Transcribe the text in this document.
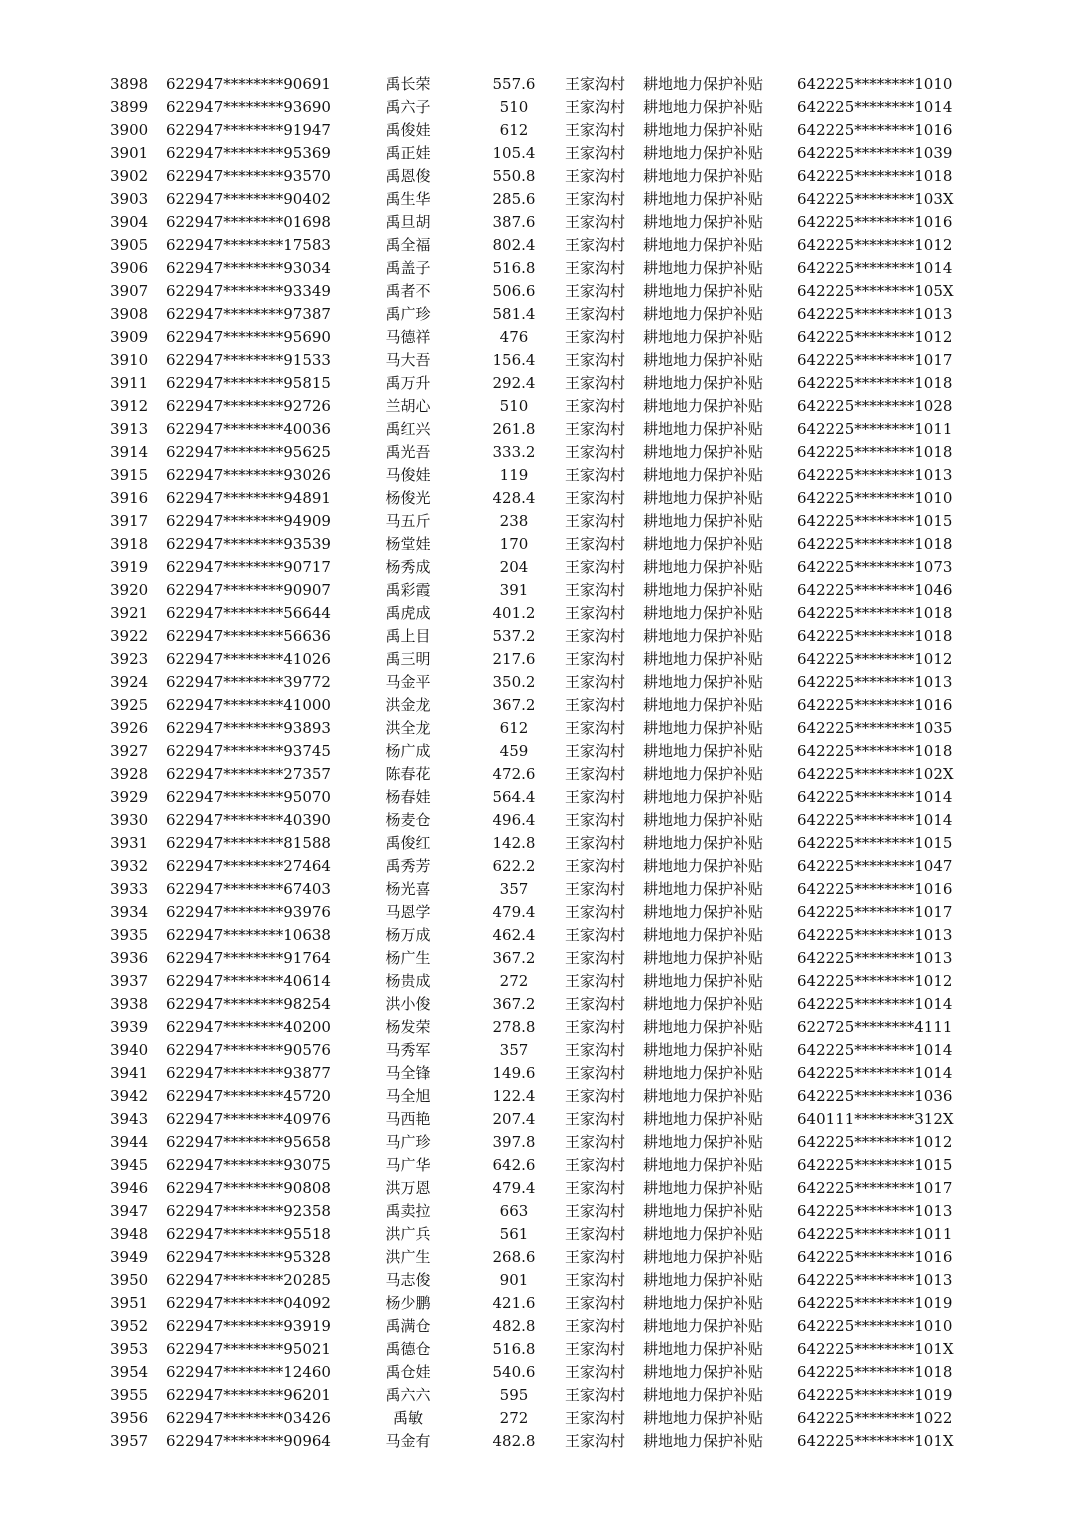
3898	622947********90691	禹长荣	557.6	王家沟村	耕地地力保护补贴	642225********1010
3899	622947********93690	禹六子	510	王家沟村	耕地地力保护补贴	642225********1014
3900	622947********91947	禹俊娃	612	王家沟村	耕地地力保护补贴	642225********1016
3901	622947********95369	禹正娃	105.4	王家沟村	耕地地力保护补贴	642225********1039
3902	622947********93570	禹恩俊	550.8	王家沟村	耕地地力保护补贴	642225********1018
3903	622947********90402	禹生华	285.6	王家沟村	耕地地力保护补贴	642225********103X
3904	622947********01698	禹旦胡	387.6	王家沟村	耕地地力保护补贴	642225********1016
3905	622947********17583	禹全福	802.4	王家沟村	耕地地力保护补贴	642225********1012
3906	622947********93034	禹盖子	516.8	王家沟村	耕地地力保护补贴	642225********1014
3907	622947********93349	禹者不	506.6	王家沟村	耕地地力保护补贴	642225********105X
3908	622947********97387	禹广珍	581.4	王家沟村	耕地地力保护补贴	642225********1013
3909	622947********95690	马德祥	476	王家沟村	耕地地力保护补贴	642225********1012
3910	622947********91533	马大吾	156.4	王家沟村	耕地地力保护补贴	642225********1017
3911	622947********95815	禹万升	292.4	王家沟村	耕地地力保护补贴	642225********1018
3912	622947********92726	兰胡心	510	王家沟村	耕地地力保护补贴	642225********1028
3913	622947********40036	禹红兴	261.8	王家沟村	耕地地力保护补贴	642225********1011
3914	622947********95625	禹光吾	333.2	王家沟村	耕地地力保护补贴	642225********1018
3915	622947********93026	马俊娃	119	王家沟村	耕地地力保护补贴	642225********1013
3916	622947********94891	杨俊光	428.4	王家沟村	耕地地力保护补贴	642225********1010
3917	622947********94909	马五斤	238	王家沟村	耕地地力保护补贴	642225********1015
3918	622947********93539	杨堂娃	170	王家沟村	耕地地力保护补贴	642225********1018
3919	622947********90717	杨秀成	204	王家沟村	耕地地力保护补贴	642225********1073
3920	622947********90907	禹彩霞	391	王家沟村	耕地地力保护补贴	642225********1046
3921	622947********56644	禹虎成	401.2	王家沟村	耕地地力保护补贴	642225********1018
3922	622947********56636	禹上目	537.2	王家沟村	耕地地力保护补贴	642225********1018
3923	622947********41026	禹三明	217.6	王家沟村	耕地地力保护补贴	642225********1012
3924	622947********39772	马金平	350.2	王家沟村	耕地地力保护补贴	642225********1013
3925	622947********41000	洪金龙	367.2	王家沟村	耕地地力保护补贴	642225********1016
3926	622947********93893	洪全龙	612	王家沟村	耕地地力保护补贴	642225********1035
3927	622947********93745	杨广成	459	王家沟村	耕地地力保护补贴	642225********1018
3928	622947********27357	陈春花	472.6	王家沟村	耕地地力保护补贴	642225********102X
3929	622947********95070	杨春娃	564.4	王家沟村	耕地地力保护补贴	642225********1014
3930	622947********40390	杨麦仓	496.4	王家沟村	耕地地力保护补贴	642225********1014
3931	622947********81588	禹俊红	142.8	王家沟村	耕地地力保护补贴	642225********1015
3932	622947********27464	禹秀芳	622.2	王家沟村	耕地地力保护补贴	642225********1047
3933	622947********67403	杨光喜	357	王家沟村	耕地地力保护补贴	642225********1016
3934	622947********93976	马恩学	479.4	王家沟村	耕地地力保护补贴	642225********1017
3935	622947********10638	杨万成	462.4	王家沟村	耕地地力保护补贴	642225********1013
3936	622947********91764	杨广生	367.2	王家沟村	耕地地力保护补贴	642225********1013
3937	622947********40614	杨贵成	272	王家沟村	耕地地力保护补贴	642225********1012
3938	622947********98254	洪小俊	367.2	王家沟村	耕地地力保护补贴	642225********1014
3939	622947********40200	杨发荣	278.8	王家沟村	耕地地力保护补贴	622725********4111
3940	622947********90576	马秀军	357	王家沟村	耕地地力保护补贴	642225********1014
3941	622947********93877	马全锋	149.6	王家沟村	耕地地力保护补贴	642225********1014
3942	622947********45720	马全旭	122.4	王家沟村	耕地地力保护补贴	642225********1036
3943	622947********40976	马西艳	207.4	王家沟村	耕地地力保护补贴	640111********312X
3944	622947********95658	马广珍	397.8	王家沟村	耕地地力保护补贴	642225********1012
3945	622947********93075	马广华	642.6	王家沟村	耕地地力保护补贴	642225********1015
3946	622947********90808	洪万恩	479.4	王家沟村	耕地地力保护补贴	642225********1017
3947	622947********92358	禹卖拉	663	王家沟村	耕地地力保护补贴	642225********1013
3948	622947********95518	洪广兵	561	王家沟村	耕地地力保护补贴	642225********1011
3949	622947********95328	洪广生	268.6	王家沟村	耕地地力保护补贴	642225********1016
3950	622947********20285	马志俊	901	王家沟村	耕地地力保护补贴	642225********1013
3951	622947********04092	杨少鹏	421.6	王家沟村	耕地地力保护补贴	642225********1019
3952	622947********93919	禹满仓	482.8	王家沟村	耕地地力保护补贴	642225********1010
3953	622947********95021	禹德仓	516.8	王家沟村	耕地地力保护补贴	642225********101X
3954	622947********12460	禹仓娃	540.6	王家沟村	耕地地力保护补贴	642225********1018
3955	622947********96201	禹六六	595	王家沟村	耕地地力保护补贴	642225********1019
3956	622947********03426	禹敏	272	王家沟村	耕地地力保护补贴	642225********1022
3957	622947********90964	马金有	482.8	王家沟村	耕地地力保护补贴	642225********101X
